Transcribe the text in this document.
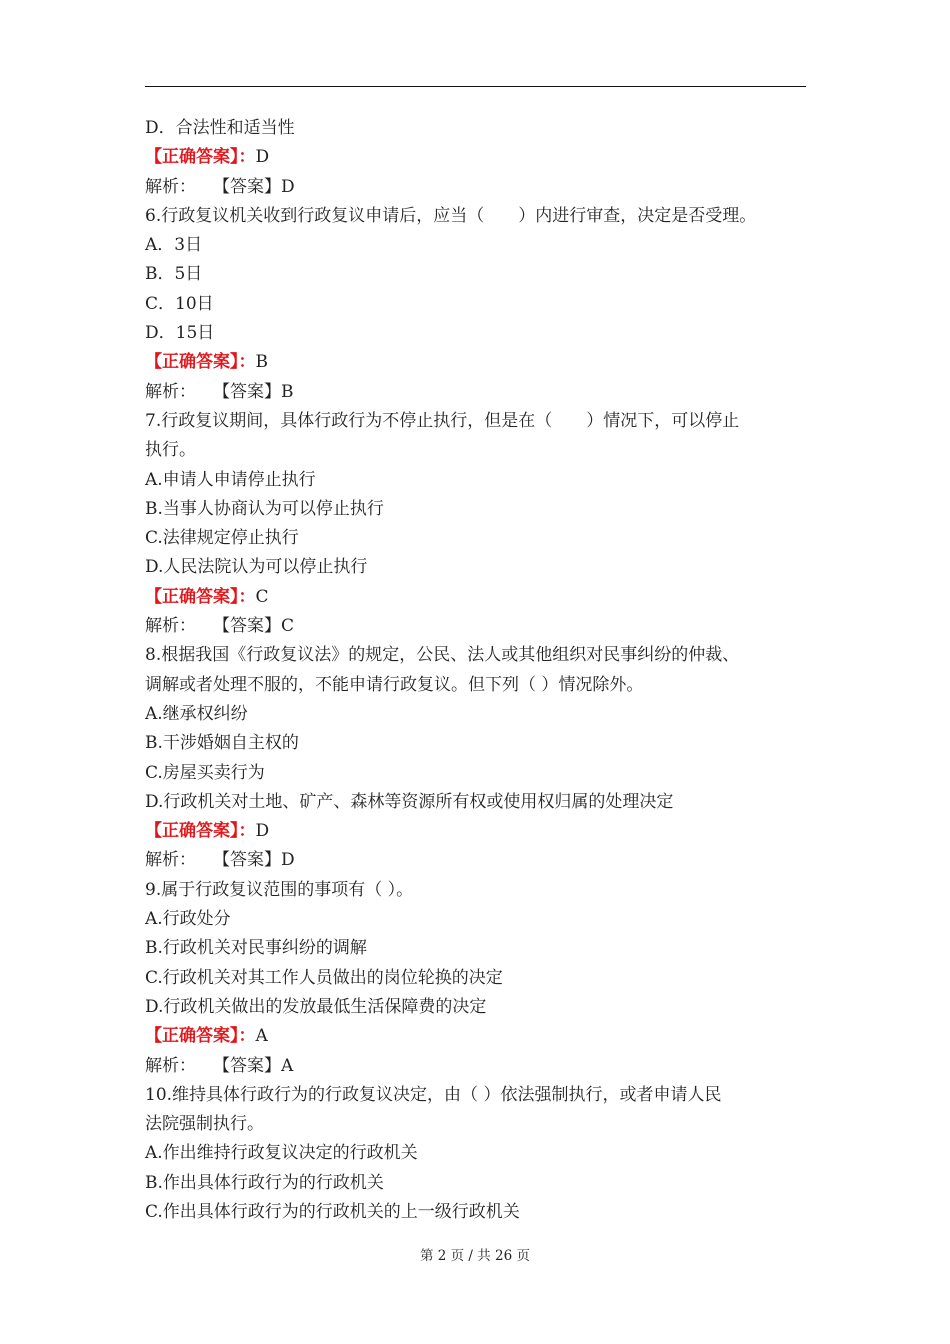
D．合法性和适当性
【正确答案】：D
解析：　　【答案】D
6.行政复议机关收到行政复议申请后，应当（　　）内进行审查，决定是否受理。
A．3日
B．5日
C．10日
D．15日
【正确答案】：B
解析：　　【答案】B
7.行政复议期间，具体行政行为不停止执行，但是在（　　）情况下，可以停止
执行。
A.申请人申请停止执行
B.当事人协商认为可以停止执行
C.法律规定停止执行
D.人民法院认为可以停止执行
【正确答案】：C
解析：　　【答案】C
8.根据我国《行政复议法》的规定，公民、法人或其他组织对民事纠纷的仲裁、
调解或者处理不服的，不能申请行政复议。但下列（ ）情况除外。
A.继承权纠纷
B.干涉婚姻自主权的
C.房屋买卖行为
D.行政机关对土地、矿产、森林等资源所有权或使用权归属的处理决定
【正确答案】：D
解析：　　【答案】D
9.属于行政复议范围的事项有（ ）。
A.行政处分
B.行政机关对民事纠纷的调解
C.行政机关对其工作人员做出的岗位轮换的决定
D.行政机关做出的发放最低生活保障费的决定
【正确答案】：A
解析：　　【答案】A
10.维持具体行政行为的行政复议决定，由（ ）依法强制执行，或者申请人民
法院强制执行。
A.作出维持行政复议决定的行政机关
B.作出具体行政行为的行政机关
C.作出具体行政行为的行政机关的上一级行政机关
第 2 页 / 共 26 页
